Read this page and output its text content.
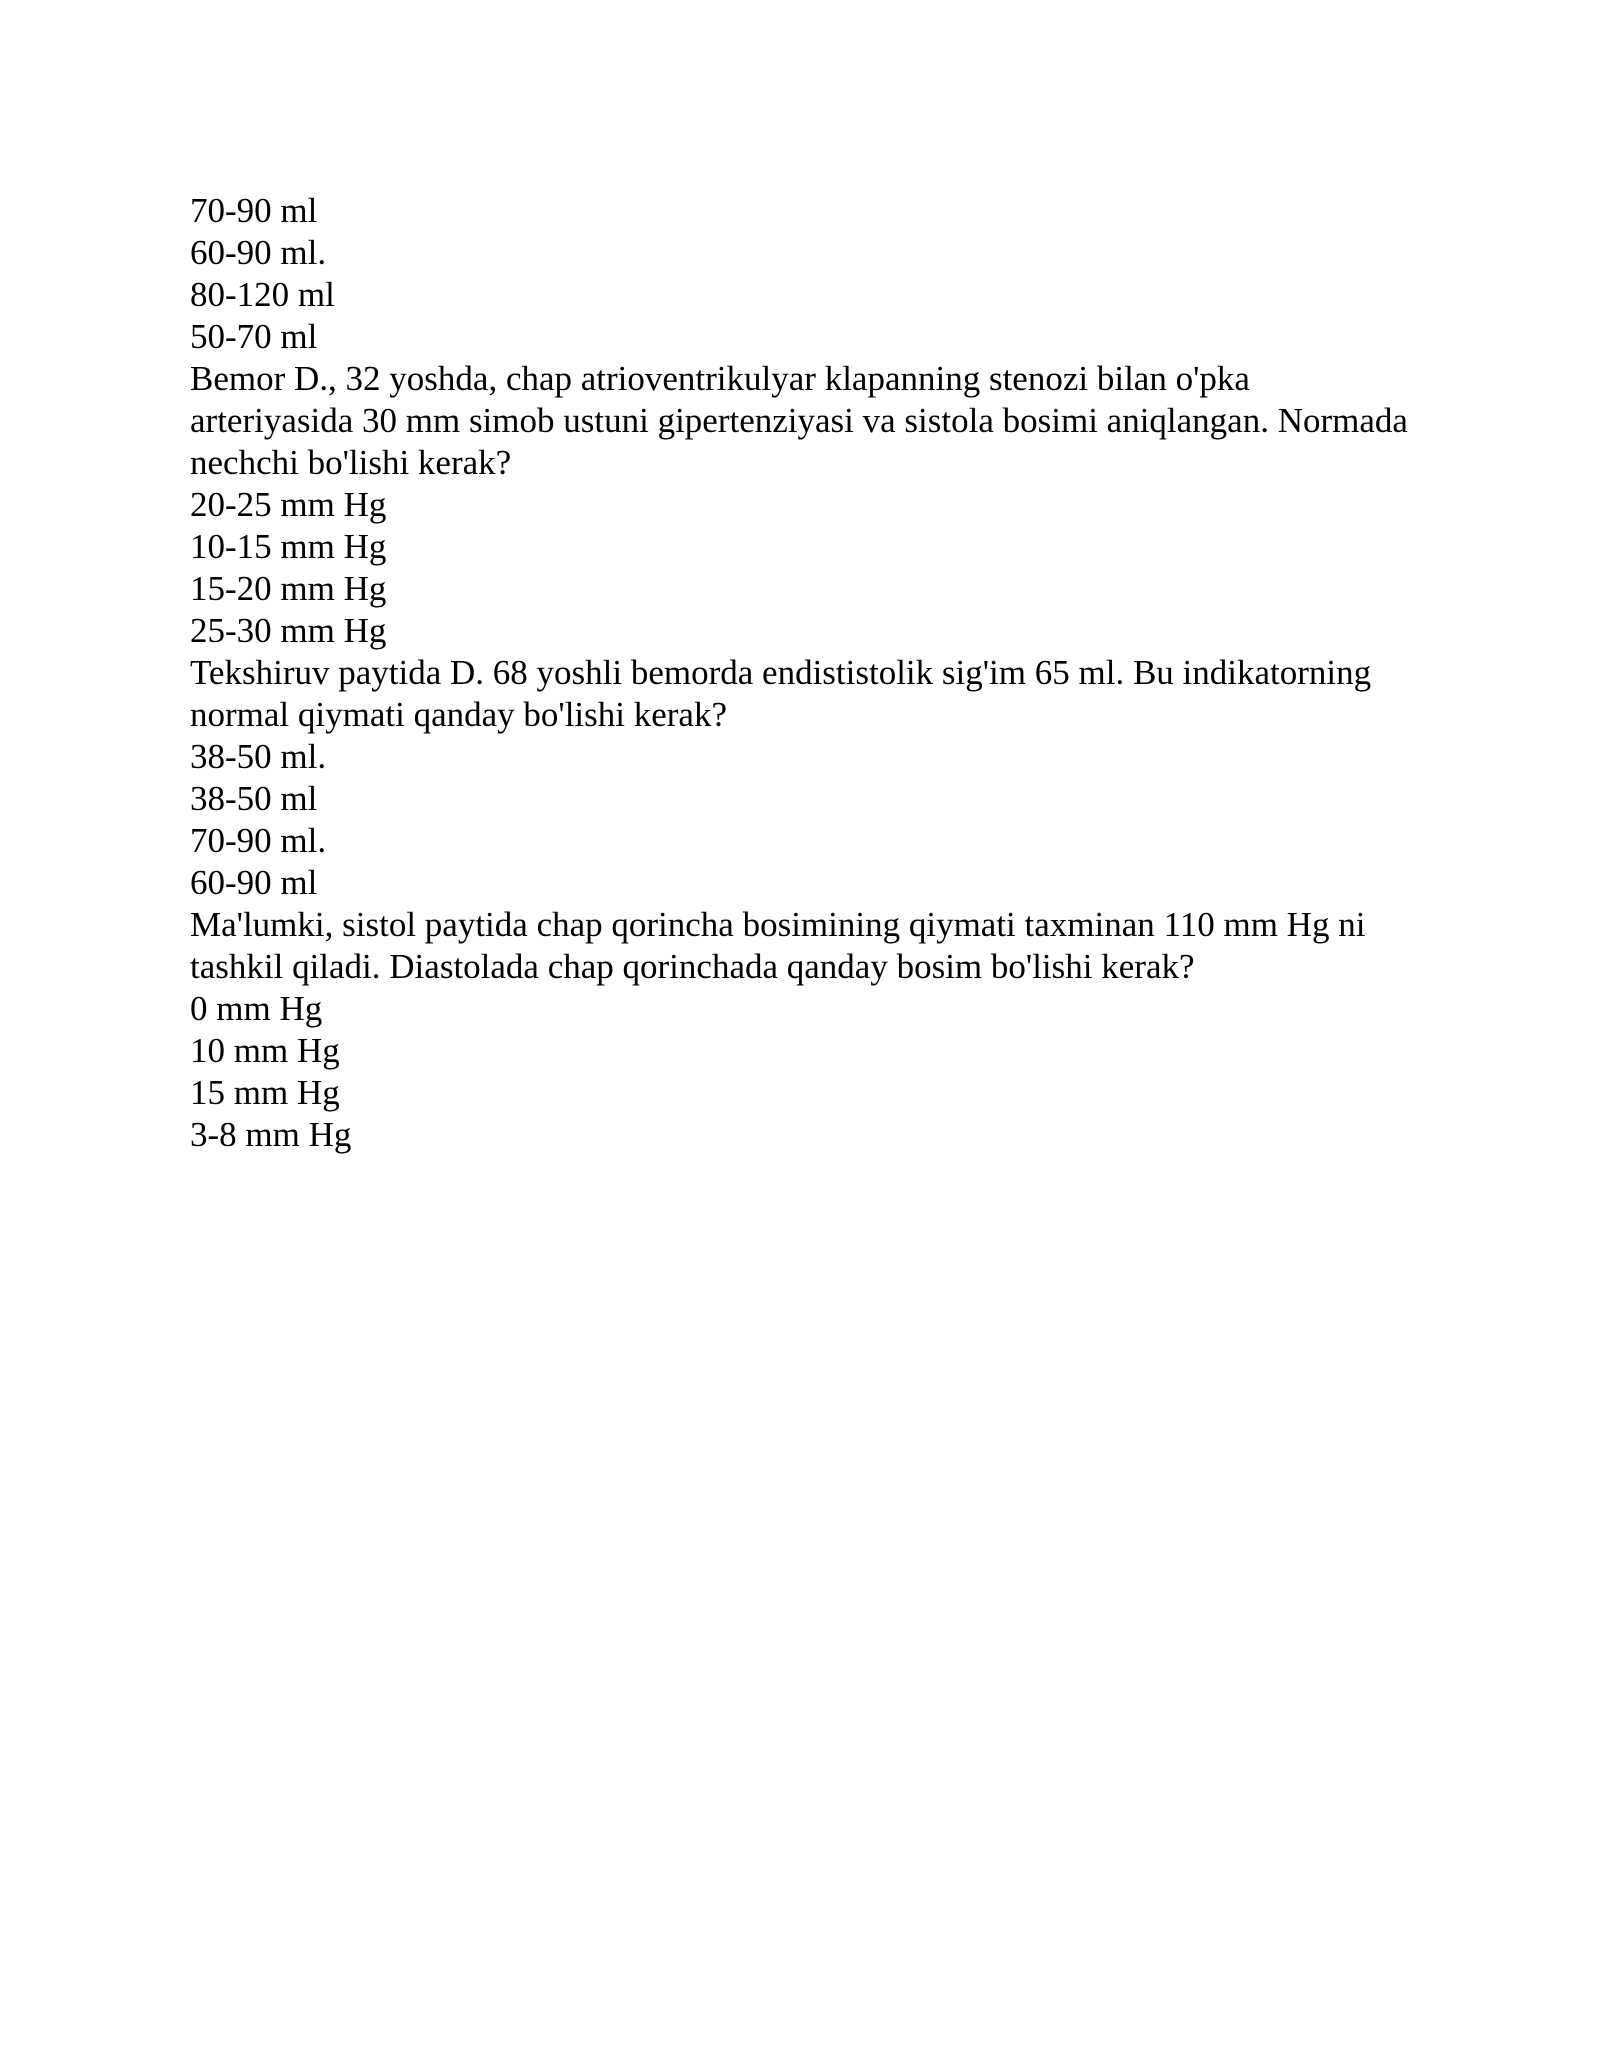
70-90 ml

60-90 ml.

80-120 ml

50-70 ml

Bemor D., 32 yoshda, chap atrioventrikulyar klapanning stenozi bilan o'pka arteriyasida 30 mm simob ustuni gipertenziyasi va sistola bosimi aniqlangan. Normada nechchi bo'lishi kerak?

20-25 mm Hg

10-15 mm Hg

15-20 mm Hg

25-30 mm Hg

Tekshiruv paytida D. 68 yoshli bemorda endististolik sig'im 65 ml. Bu indikatorning normal qiymati qanday bo'lishi kerak?

38-50 ml.

38-50 ml

70-90 ml.

60-90 ml

Ma'lumki, sistol paytida chap qorincha bosimining qiymati taxminan 110 mm Hg ni tashkil qiladi. Diastolada chap qorinchada qanday bosim bo'lishi kerak?

0 mm Hg

10 mm Hg

15 mm Hg

3-8 mm Hg
